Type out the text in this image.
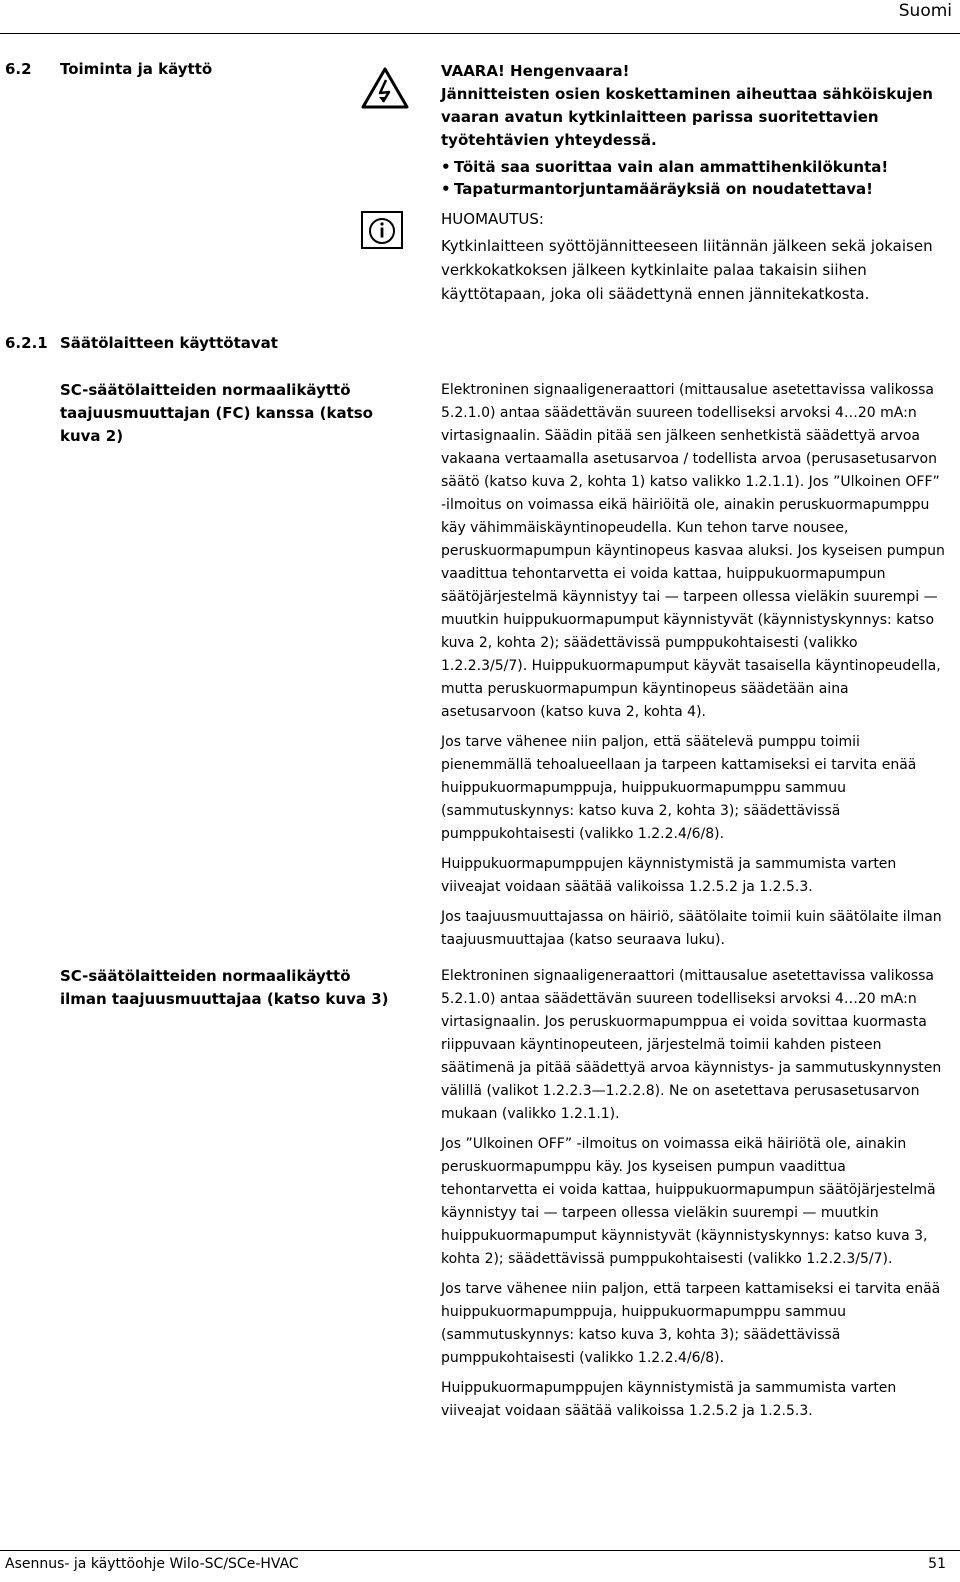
Suomi
6.2 Toiminta ja käyttö	VAARA! Hengenvaara!

Jännitteisten osien koskettaminen aiheuttaa sähköiskujen vaaran avatun kytkinlaitteen parissa suoritettavien työtehtävien yhteydessä.

• Töitä saa suorittaa vain alan ammattihenkilökunta!
• Tapaturmantorjuntamääräyksiä on noudatettava!

HUOMAUTUS:

Kytkinlaitteen syöttöjännitteeseen liitännän jälkeen sekä jokaisen verkkokatkoksen jälkeen kytkinlaite palaa takaisin siihen käyttötapaan, joka oli säädettynä ennen jännitekatkosta.

6.2.1 Säätölaitteen käyttötavat
SC-säätölaitteiden normaalikäyttö taajuusmuuttajan (FC) kanssa (katso kuva 2)

Elektroninen signaaligeneraattori (mittausalue asetettavissa valikossa 5.2.1.0) antaa säädettävän suureen todelliseksi arvoksi 4…20 mA:n virtasignaalin. Säädin pitää sen jälkeen senhetkistä säädettyä arvoa vakaana vertaamalla asetusarvoa / todellista arvoa (perusasetusarvon säätö (katso kuva 2, kohta 1) katso valikko 1.2.1.1). Jos ”Ulkoinen OFF” -ilmoitus on voimassa eikä häiriöitä ole, ainakin peruskuormapumppu käy vähimmäiskäyntinopeudella. Kun tehon tarve nousee, peruskuormapumpun käyntinopeus kasvaa aluksi. Jos kyseisen pumpun vaadittua tehontarvetta ei voida kattaa, huippukuormapumpun säätöjärjestelmä käynnistyy tai — tarpeen ollessa vieläkin suurempi — muutkin huippukuormapumput käynnistyvät (käynnistyskynnys: katso kuva 2, kohta 2); säädettävissä pumppukohtaisesti (valikko 1.2.2.3/5/7). Huippukuormapumput käyvät tasaisella käyntinopeudella, mutta peruskuormapumpun käyntinopeus säädetään aina asetusarvoon (katso kuva 2, kohta 4).

Jos tarve vähenee niin paljon, että säätelevä pumppu toimii pienemmällä tehoalueellaan ja tarpeen kattamiseksi ei tarvita enää huippukuormapumppuja, huippukuormapumppu sammuu (sammutuskynnys: katso kuva 2, kohta 3); säädettävissä pumppukohtaisesti (valikko 1.2.2.4/6/8).

Huippukuormapumppujen käynnistymistä ja sammumista varten viiveajat voidaan säätää valikoissa 1.2.5.2 ja 1.2.5.3.

Jos taajuusmuuttajassa on häiriö, säätölaite toimii kuin säätölaite ilman taajuusmuuttajaa (katso seuraava luku).

SC-säätölaitteiden normaalikäyttö ilman taajuusmuuttajaa (katso kuva 3)

Elektroninen signaaligeneraattori (mittausalue asetettavissa valikossa 5.2.1.0) antaa säädettävän suureen todelliseksi arvoksi 4…20 mA:n virtasignaalin. Jos peruskuormapumppua ei voida sovittaa kuormasta riippuvaan käyntinopeuteen, järjestelmä toimii kahden pisteen säätimenä ja pitää säädettyä arvoa käynnistys- ja sammutuskynnysten välillä (valikot 1.2.2.3—1.2.2.8). Ne on asetettava perusasetusarvon mukaan (valikko 1.2.1.1).

Jos ”Ulkoinen OFF” -ilmoitus on voimassa eikä häiriötä ole, ainakin peruskuormapumppu käy. Jos kyseisen pumpun vaadittua tehontarvetta ei voida kattaa, huippukuormapumpun säätöjärjestelmä käynnistyy tai — tarpeen ollessa vieläkin suurempi — muutkin huippukuormapumput käynnistyvät (käynnistyskynnys: katso kuva 3, kohta 2); säädettävissä pumppukohtaisesti (valikko 1.2.2.3/5/7).

Jos tarve vähenee niin paljon, että tarpeen kattamiseksi ei tarvita enää huippukuormapumppuja, huippukuormapumppu sammuu (sammutuskynnys: katso kuva 3, kohta 3); säädettävissä pumppukohtaisesti (valikko 1.2.2.4/6/8).

Huippukuormapumppujen käynnistymistä ja sammumista varten viiveajat voidaan säätää valikoissa 1.2.5.2 ja 1.2.5.3.

Asennus- ja käyttöohje Wilo-SC/SCe-HVAC	51
